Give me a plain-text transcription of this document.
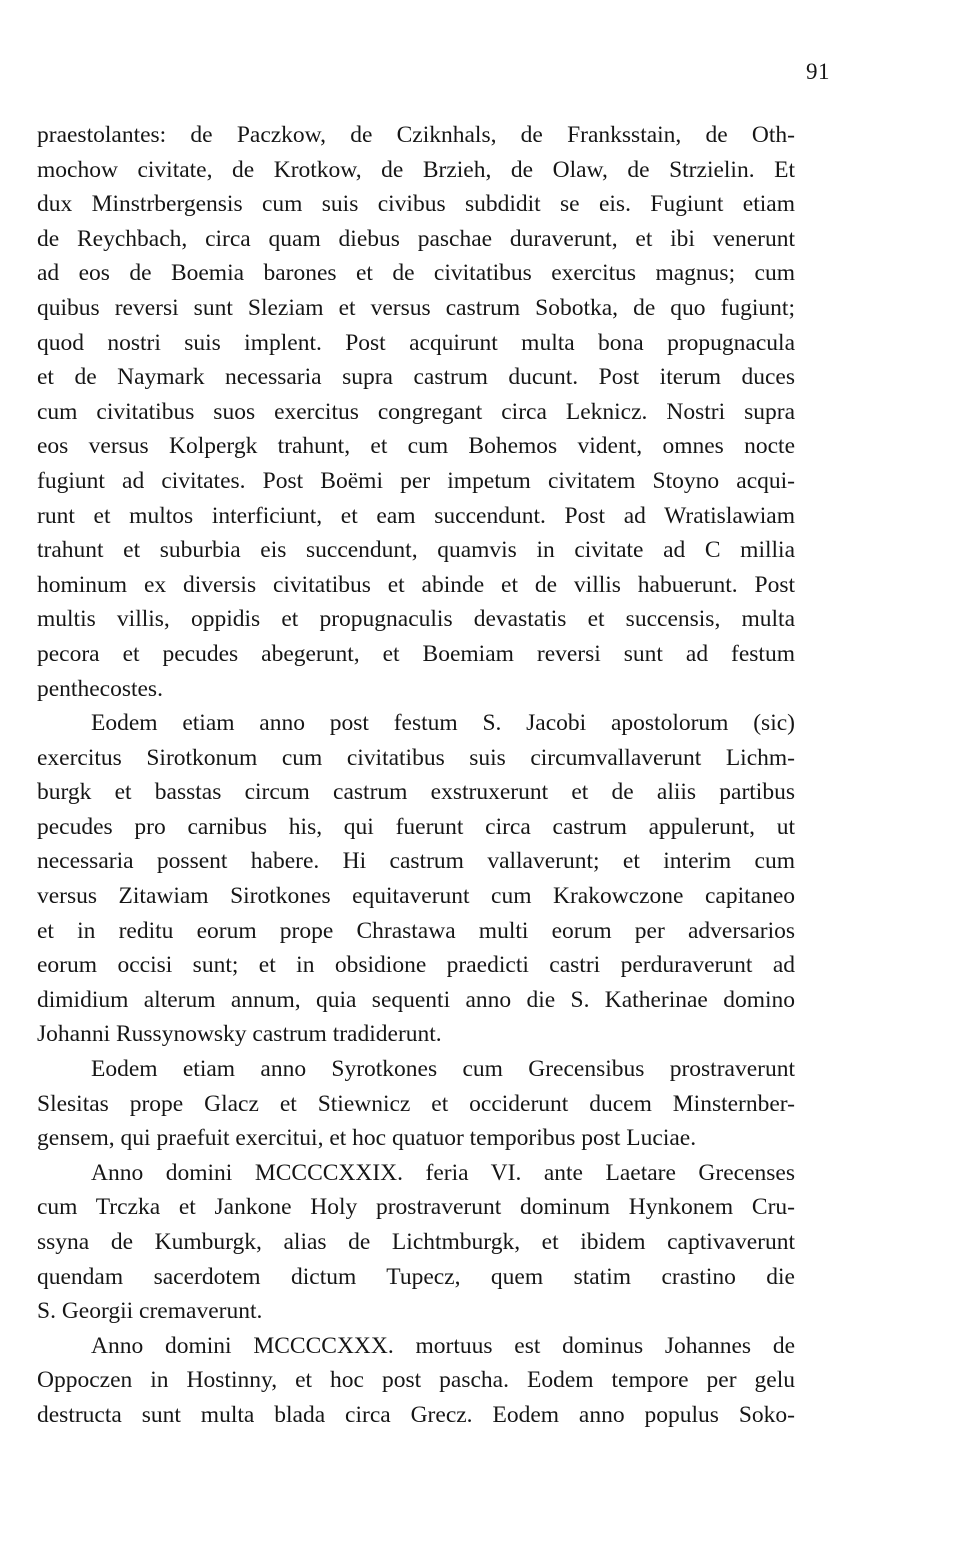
91
praestolantes: de Paczkow, de Cziknhals, de Franksstain, de Oth-
mochow civitate, de Krotkow, de Brzieh, de Olaw, de Strzielin. Et
dux Minstrbergensis cum suis civibus subdidit se eis. Fugiunt etiam
de Reychbach, circa quam diebus paschae duraverunt, et ibi venerunt
ad eos de Boemia barones et de civitatibus exercitus magnus; cum
quibus reversi sunt Sleziam et versus castrum Sobotka, de quo fugiunt;
quod nostri suis implent. Post acquirunt multa bona propugnacula
et de Naymark necessaria supra castrum ducunt. Post iterum duces
cum civitatibus suos exercitus congregant circa Leknicz. Nostri supra
eos versus Kolpergk trahunt, et cum Bohemos vident, omnes nocte
fugiunt ad civitates. Post Boëmi per impetum civitatem Stoyno acqui-
runt et multos interficiunt, et eam succendunt. Post ad Wratislawiam
trahunt et suburbia eis succendunt, quamvis in civitate ad C millia
hominum ex diversis civitatibus et abinde et de villis habuerunt. Post
multis villis, oppidis et propugnaculis devastatis et succensis, multa
pecora et pecudes abegerunt, et Boemiam reversi sunt ad festum
penthecostes.
Eodem etiam anno post festum S. Jacobi apostolorum (sic)
exercitus Sirotkonum cum civitatibus suis circumvallaverunt Lichm-
burgk et basstas circum castrum exstruxerunt et de aliis partibus
pecudes pro carnibus his, qui fuerunt circa castrum appulerunt, ut
necessaria possent habere. Hi castrum vallaverunt; et interim cum
versus Zitawiam Sirotkones equitaverunt cum Krakowczone capitaneo
et in reditu eorum prope Chrastawa multi eorum per adversarios
eorum occisi sunt; et in obsidione praedicti castri perduraverunt ad
dimidium alterum annum, quia sequenti anno die S. Katherinae domino
Johanni Russynowsky castrum tradiderunt.
Eodem etiam anno Syrotkones cum Grecensibus prostraverunt
Slesitas prope Glacz et Stiewnicz et occiderunt ducem Minsternber-
gensem, qui praefuit exercitui, et hoc quatuor temporibus post Luciae.
Anno domini MCCCCXXIX. feria VI. ante Laetare Grecenses
cum Trczka et Jankone Holy prostraverunt dominum Hynkonem Cru-
ssyna de Kumburgk, alias de Lichtmburgk, et ibidem captivaverunt
quendam sacerdotem dictum Tupecz, quem statim crastino die
S. Georgii cremaverunt.
Anno domini MCCCCXXX. mortuus est dominus Johannes de
Oppoczen in Hostinny, et hoc post pascha. Eodem tempore per gelu
destructa sunt multa blada circa Grecz. Eodem anno populus Soko-
